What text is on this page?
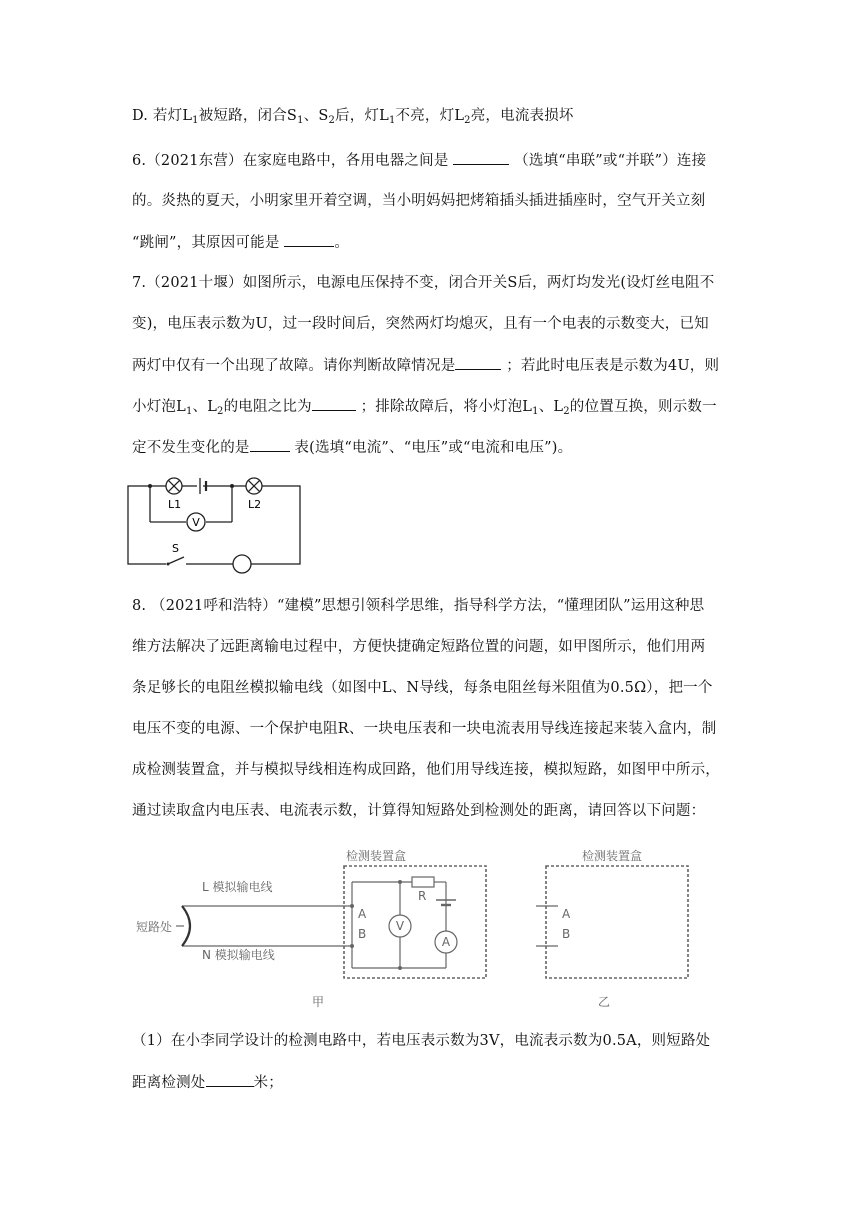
D. 若灯$L_1$被短路，闭合$S_1$、$S_2$后，灯$L_1$不亮，灯$L_2$亮，电流表损坏
6.（2021东营）在家庭电路中，各用电器之间是	（选填“串联”或“并联”）连接
的。炎热的夏天，小明家里开着空调，当小明妈妈把烤箱插头插进插座时，空气开关立刻
“跳闸”，其原因可能是	。
7.（2021十堰）如图所示，电源电压保持不变，闭合开关S后，两灯均发光(设灯丝电阻不
变)，电压表示数为U，过一段时间后，突然两灯均熄灭，且有一个电表的示数变大，已知
两灯中仅有一个出现了故障。请你判断故障情况是	；若此时电压表是示数为4U，则
小灯泡$L_1$、$L_2$的电阻之比为	；排除故障后，将小灯泡$L_1$、$L_2$的位置互换，则示数一
定不发生变化的是	表(选填“电流”、“电压”或“电流和电压”)。
V
L1	L2
S
8. （2021呼和浩特）“建模”思想引领科学思维，指导科学方法，“懂理团队”运用这种思
维方法解决了远距离输电过程中，方便快捷确定短路位置的问题，如甲图所示，他们用两
条足够长的电阻丝模拟输电线（如图中L、N导线，每条电阻丝每米阻值为0.5Ω），把一个
电压不变的电源、一个保护电阻R、一块电压表和一块电流表用导线连接起来装入盒内，制
成检测装置盒，并与模拟导线相连构成回路，他们用导线连接，模拟短路，如图甲中所示，
通过读取盒内电压表、电流表示数，计算得知短路处到检测处的距离，请回答以下问题：
检测装置盒
L 模拟输电线
N 模拟输电线
短路处
A
B
R
甲
V
A
检测装置盒
A
B
乙
（1）在小李同学设计的检测电路中，若电压表示数为3V，电流表示数为0.5A，则短路处
距离检测处	米；
